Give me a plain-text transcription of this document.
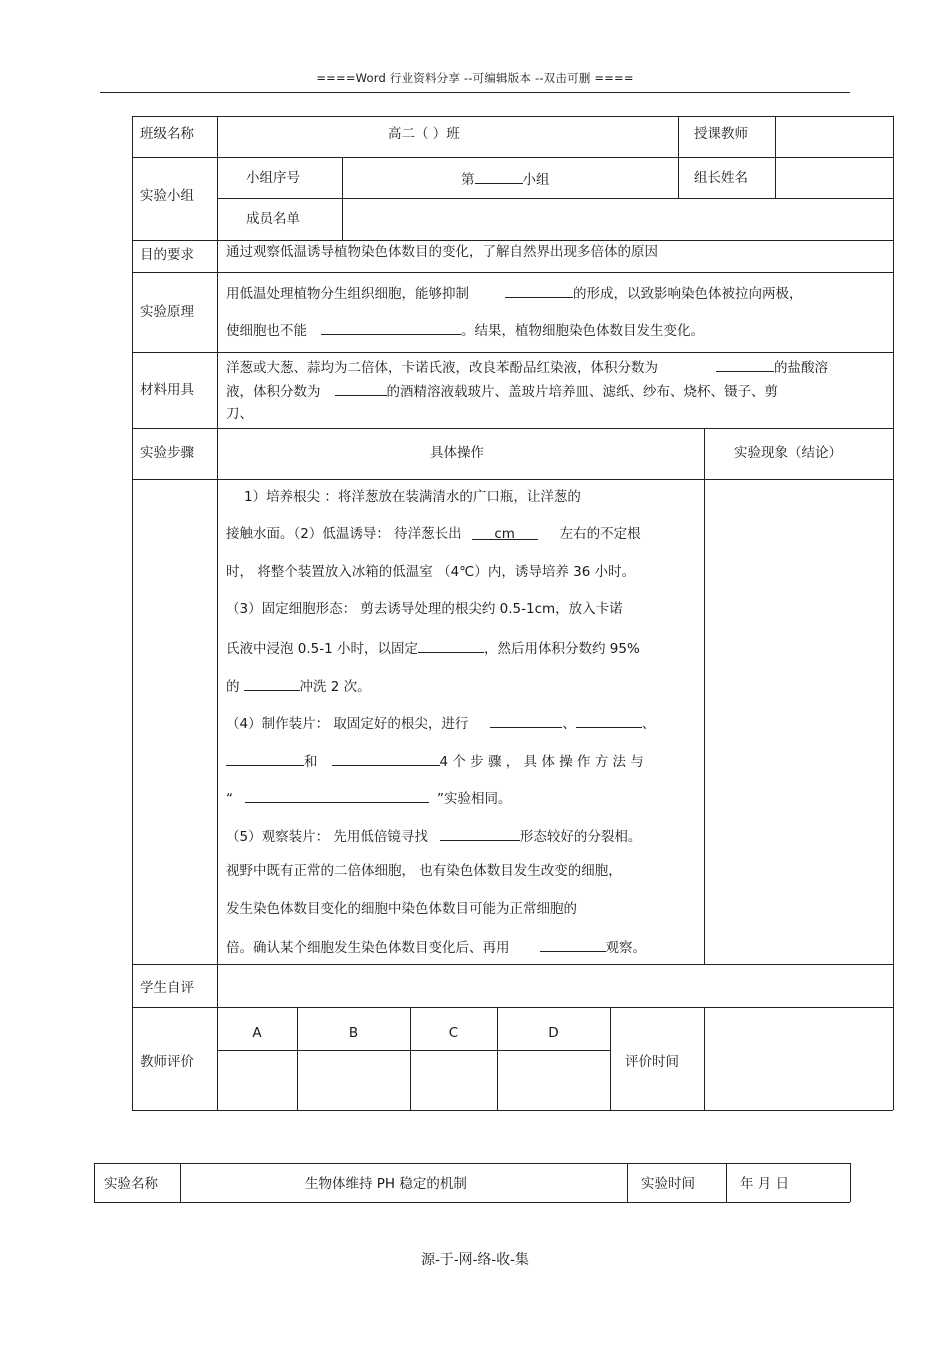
====Word 行业资料分享 --可编辑版本 --双击可删 ====
班级名称	高二（ ）班	授课教师
实验小组
小组序号	第	小组	组长姓名
成员名单
目的要求 通过观察低温诱导植物染色体数目的变化，了解自然界出现多倍体的原因
实验原理
用低温处理植物分生组织细胞，能够抑制	的形成，以致影响染色体被拉向两极，
使细胞也不能	。结果，植物细胞染色体数目发生变化。
材料用具
洋葱或大葱、蒜均为二倍体，卡诺氏液，改良苯酚品红染液，体积分数为	的盐酸溶
液，体积分数为	的酒精溶液载玻片、盖玻片培养皿、滤纸、纱布、烧杯、镊子、剪
刀、
实验步骤	具体操作	实验现象（结论）
1）培养根尖 ：将洋葱放在装满清水的广口瓶，让洋葱的
接触水面。（2）低温诱导： 待洋葱长出 cm	左右的不定根
时， 将整个装置放入冰箱的低温室 （4℃）内，诱导培养 36 小时。
（3）固定细胞形态： 剪去诱导处理的根尖约 0.5-1cm，放入卡诺
氏液中浸泡 0.5-1 小时，以固定	，然后用体积分数约 95%
的	冲洗 2 次。
（4）制作装片： 取固定好的根尖，进行	、	、
和	4 个 步 骤 ， 具 体 操 作 方 法 与
“	”实验相同。
（5）观察装片： 先用低倍镜寻找	形态较好的分裂相。
视野中既有正常的二倍体细胞， 也有染色体数目发生改变的细胞，
发生染色体数目变化的细胞中染色体数目可能为正常细胞的
倍。确认某个细胞发生染色体数目变化后、再用	观察。
学生自评
教师评价
A	B	C	D
评价时间
实验名称	生物体维持 PH 稳定的机制	实验时间	年 月 日
源-于-网-络-收-集
